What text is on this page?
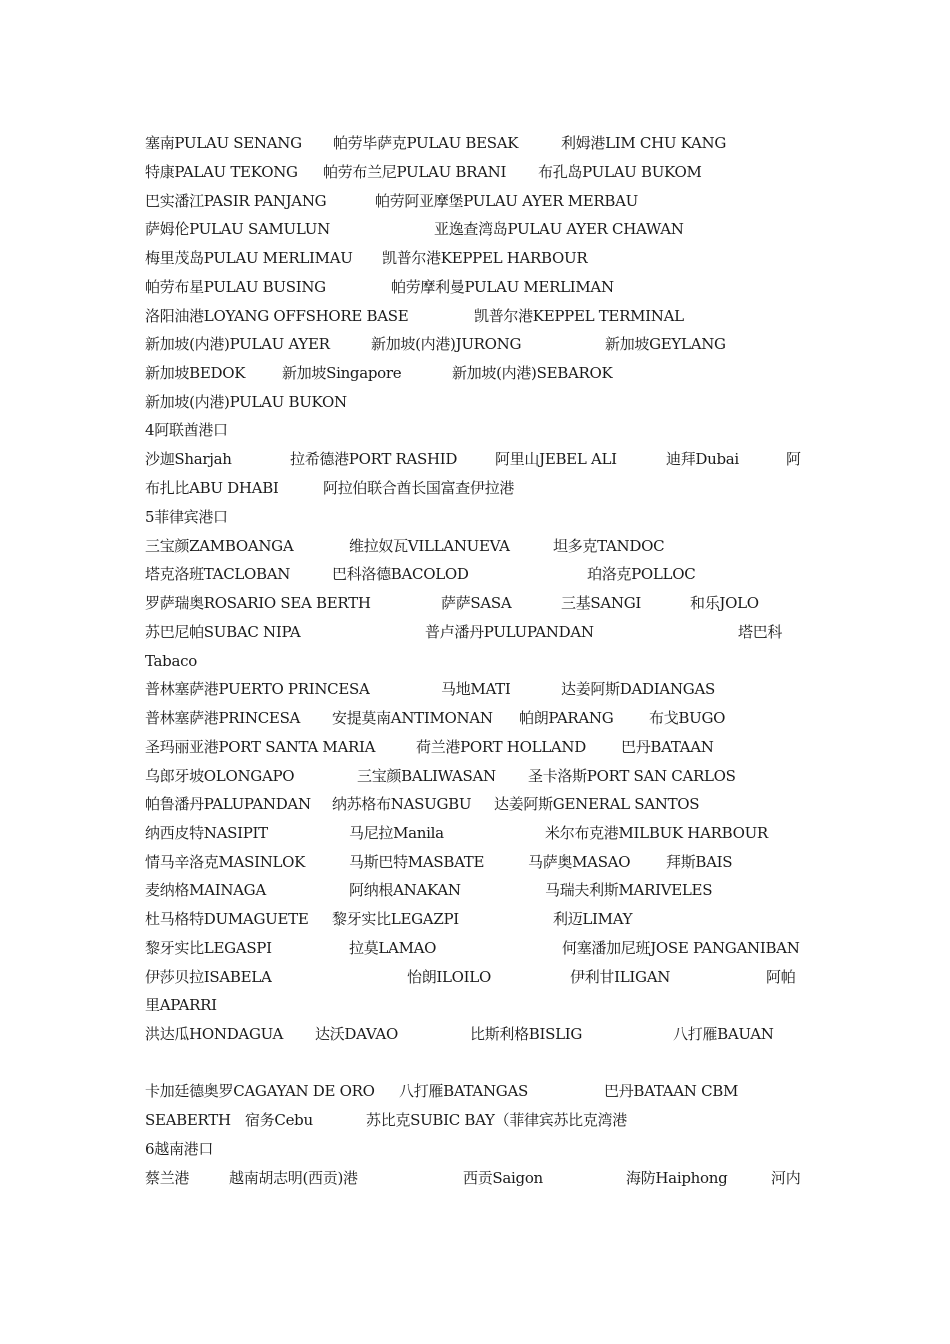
塞南PULAU SENANG 帕劳毕萨克PULAU BESAK	利姆港LIM CHU KANG
特康PALAU TEKONG 帕劳布兰尼PULAU BRANI 布孔岛PULAU BUKOM
巴实潘江PASIR PANJANG	帕劳阿亚摩堡PULAU AYER MERBAU
萨姆伦PULAU SAMULUN	亚逸查湾岛PULAU AYER CHAWAN
梅里茂岛PULAU MERLIMAU 凯普尔港KEPPEL HARBOUR
帕劳布星PULAU BUSING	帕劳摩利曼PULAU MERLIMAN
洛阳油港LOYANG OFFSHORE BASE	凯普尔港KEPPEL TERMINAL
新加坡(内港)PULAU AYER	新加坡(内港)JURONG	新加坡GEYLANG
新加坡BEDOK 新加坡Singapore	新加坡(内港)SEBAROK
新加坡(内港)PULAU BUKON
4阿联酋港口
沙迦Sharjah	拉希德港PORT RASHID	阿里山JEBEL ALI	迪拜Dubai	阿
布扎比ABU DHABI	阿拉伯联合酋长国富查伊拉港
5菲律宾港口
三宝颜ZAMBOANGA	维拉奴瓦VILLANUEVA	坦多克TANDOC
塔克洛班TACLOBAN	巴科洛德BACOLOD	珀洛克POLLOC
罗萨瑞奥ROSARIO SEA BERTH	萨萨SASA	三基SANGI	和乐JOLO
苏巴尼帕SUBAC NIPA	普卢潘丹PULUPANDAN	塔巴科
Tabaco
普林塞萨港PUERTO PRINCESA	马地MATI	达姜阿斯DADIANGAS
普林塞萨港PRINCESA 安提莫南ANTIMONAN 帕朗PARANG 布戈BUGO
圣玛丽亚港PORT SANTA MARIA	荷兰港PORT HOLLAND 巴丹BATAAN
乌郎牙坡OLONGAPO	三宝颜BALIWASAN 圣卡洛斯PORT SAN CARLOS
帕鲁潘丹PALUPANDAN 纳苏格布NASUGBU 达姜阿斯GENERAL SANTOS
纳西皮特NASIPIT	马尼拉Manila	米尔布克港MILBUK HARBOUR
情马辛洛克MASINLOK	马斯巴特MASBATE	马萨奥MASAO 拜斯BAIS
麦纳格MAINAGA	阿纳根ANAKAN	马瑞夫利斯MARIVELES
杜马格特DUMAGUETE 黎牙实比LEGAZPI	利迈LIMAY
黎牙实比LEGASPI	拉莫LAMAO	何塞潘加尼班JOSE PANGANIBAN
伊莎贝拉ISABELA	怡朗ILOILO	伊利甘ILIGAN	阿帕
里APARRI
洪达瓜HONDAGUA 达沃DAVAO	比斯利格BISLIG	八打雁BAUAN
卡加廷德奥罗CAGAYAN DE ORO 八打雁BATANGAS	巴丹BATAAN CBM
SEABERTH 宿务Cebu	苏比克SUBIC BAY（菲律宾苏比克湾港
6越南港口
蔡兰港	越南胡志明(西贡)港	西贡Saigon	海防Haiphong	河内
